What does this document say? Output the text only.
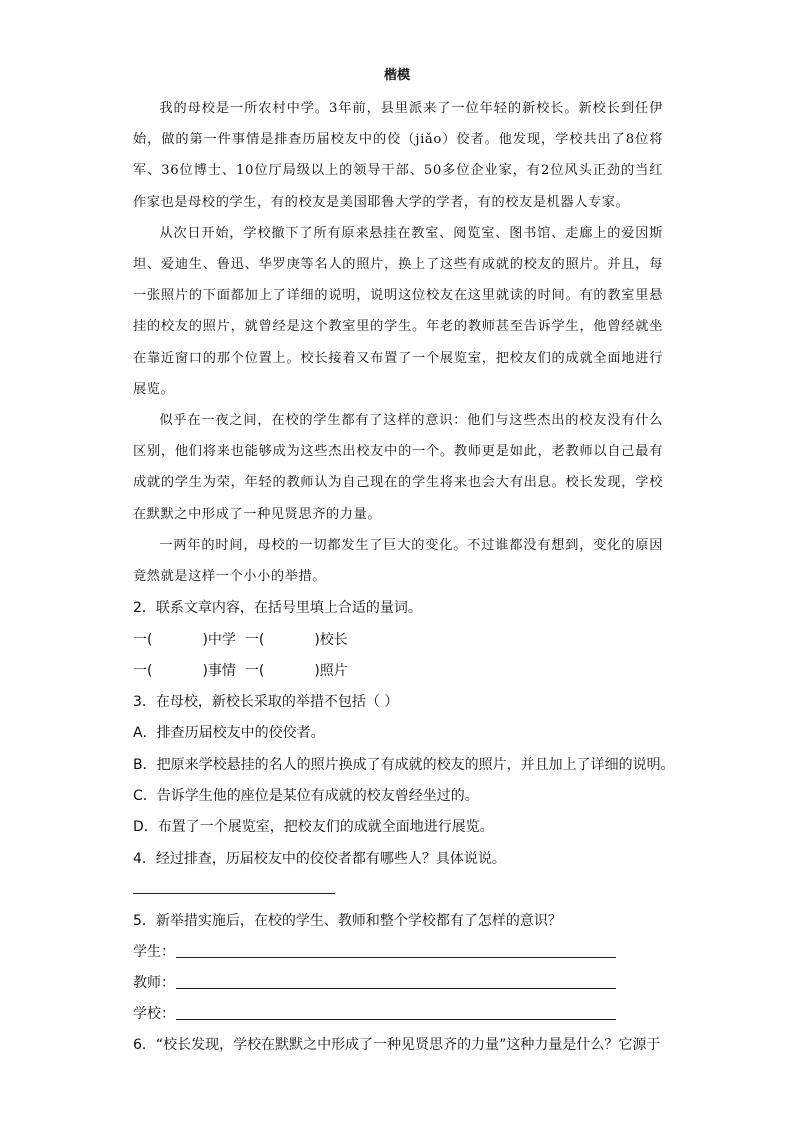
楷模

我的母校是一所农村中学。3年前，县里派来了一位年轻的新校长。新校长到任伊始，做的第一件事情是排查历届校友中的佼（jiǎo）佼者。他发现，学校共出了8位将军、36位博士、10位厅局级以上的领导干部、50多位企业家，有2位风头正劲的当红作家也是母校的学生，有的校友是美国耶鲁大学的学者，有的校友是机器人专家。

从次日开始，学校撤下了所有原来悬挂在教室、阅览室、图书馆、走廊上的爱因斯坦、爱迪生、鲁迅、华罗庚等名人的照片，换上了这些有成就的校友的照片。并且，每一张照片的下面都加上了详细的说明，说明这位校友在这里就读的时间。有的教室里悬挂的校友的照片，就曾经是这个教室里的学生。年老的教师甚至告诉学生，他曾经就坐在靠近窗口的那个位置上。校长接着又布置了一个展览室，把校友们的成就全面地进行展览。

似乎在一夜之间，在校的学生都有了这样的意识：他们与这些杰出的校友没有什么区别，他们将来也能够成为这些杰出校友中的一个。教师更是如此，老教师以自己最有成就的学生为荣，年轻的教师认为自己现在的学生将来也会大有出息。校长发现，学校在默默之中形成了一种见贤思齐的力量。

一两年的时间，母校的一切都发生了巨大的变化。不过谁都没有想到，变化的原因竟然就是这样一个小小的举措。

2．联系文章内容，在括号里填上合适的量词。
一(	)中学 一(	)校长
一(	)事情 一(	)照片
3．在母校，新校长采取的举措不包括（ ）
A．排查历届校友中的佼佼者。
B．把原来学校悬挂的名人的照片换成了有成就的校友的照片，并且加上了详细的说明。
C．告诉学生他的座位是某位有成就的校友曾经坐过的。
D．布置了一个展览室，把校友们的成就全面地进行展览。
4．经过排查，历届校友中的佼佼者都有哪些人？具体说说。
5．新举措实施后，在校的学生、教师和整个学校都有了怎样的意识？
学生：
教师：
学校：
6．“校长发现，学校在默默之中形成了一种见贤思齐的力量”这种力量是什么？它源于
